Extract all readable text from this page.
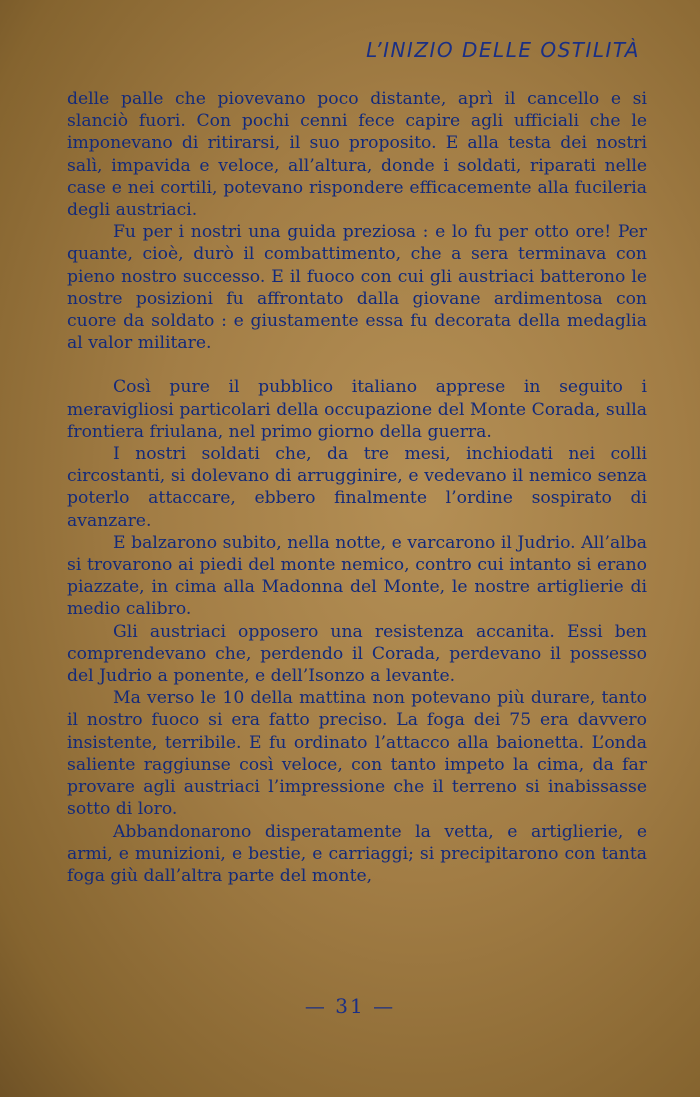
L’INIZIO DELLE OSTILITÀ

delle palle che piovevano poco distante, aprì il cancello e si slanciò fuori. Con pochi cenni fece capire agli ufficiali che le imponevano di ritirarsi, il suo proposito. E alla testa dei nostri salì, impavida e veloce, all’altura, donde i soldati, riparati nelle case e nei cortili, potevano rispondere efficacemente alla fucileria degli austriaci.

Fu per i nostri una guida preziosa : e lo fu per otto ore! Per quante, cioè, durò il combattimento, che a sera terminava con pieno nostro successo. E il fuoco con cui gli austriaci batterono le nostre posizioni fu affrontato dalla giovane ardimentosa con cuore da soldato : e giustamente essa fu decorata della medaglia al valor militare.

Così pure il pubblico italiano apprese in seguito i meravigliosi particolari della occupazione del Monte Corada, sulla frontiera friulana, nel primo giorno della guerra.

I nostri soldati che, da tre mesi, inchiodati nei colli circostanti, si dolevano di arrugginire, e vedevano il nemico senza poterlo attaccare, ebbero finalmente l’ordine sospirato di avanzare.

E balzarono subito, nella notte, e varcarono il Judrio. All’alba si trovarono ai piedi del monte nemico, contro cui intanto si erano piazzate, in cima alla Madonna del Monte, le nostre artiglierie di medio calibro.

Gli austriaci opposero una resistenza accanita. Essi ben comprendevano che, perdendo il Corada, perdevano il possesso del Judrio a ponente, e dell’Isonzo a levante.

Ma verso le 10 della mattina non potevano più durare, tanto il nostro fuoco si era fatto preciso. La foga dei 75 era davvero insistente, terribile. E fu ordinato l’attacco alla baionetta. L’onda saliente raggiunse così veloce, con tanto impeto la cima, da far provare agli austriaci l’impressione che il terreno si inabissasse sotto di loro.

Abbandonarono disperatamente la vetta, e artiglierie, e armi, e munizioni, e bestie, e carriaggi; si precipitarono con tanta foga giù dall’altra parte del monte,

— 31 —
